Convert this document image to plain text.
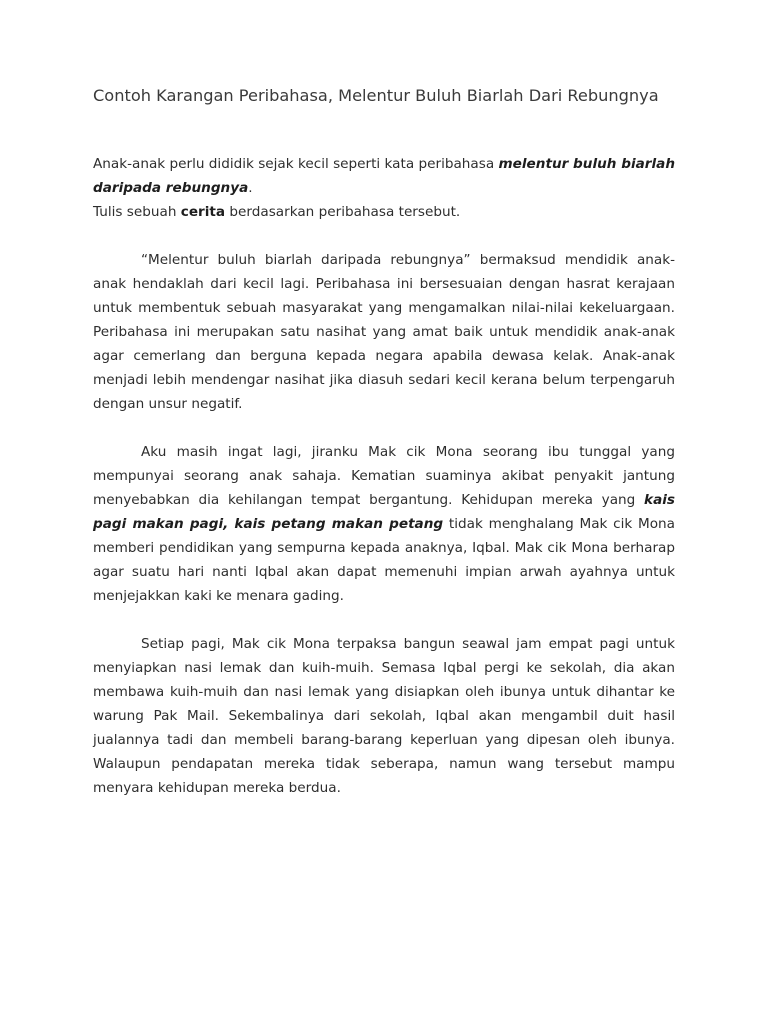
Contoh Karangan Peribahasa, Melentur Buluh Biarlah Dari Rebungnya

Anak-anak perlu dididik sejak kecil seperti kata peribahasa melentur buluh biarlah daripada rebungnya.

Tulis sebuah cerita berdasarkan peribahasa tersebut.

“Melentur buluh biarlah daripada rebungnya” bermaksud mendidik anak- anak hendaklah dari kecil lagi. Peribahasa ini bersesuaian dengan hasrat kerajaan untuk membentuk sebuah masyarakat yang mengamalkan nilai-nilai kekeluargaan. Peribahasa ini merupakan satu nasihat yang amat baik untuk mendidik anak-anak agar cemerlang dan berguna kepada negara apabila dewasa kelak. Anak-anak menjadi lebih mendengar nasihat jika diasuh sedari kecil kerana belum terpengaruh dengan unsur negatif.

Aku masih ingat lagi, jiranku Mak cik Mona seorang ibu tunggal yang mempunyai seorang anak sahaja. Kematian suaminya akibat penyakit jantung menyebabkan dia kehilangan tempat bergantung. Kehidupan mereka yang kais pagi makan pagi, kais petang makan petang tidak menghalang Mak cik Mona memberi pendidikan yang sempurna kepada anaknya, Iqbal. Mak cik Mona berharap agar suatu hari nanti Iqbal akan dapat memenuhi impian arwah ayahnya untuk menjejakkan kaki ke menara gading.

Setiap pagi, Mak cik Mona terpaksa bangun seawal jam empat pagi untuk menyiapkan nasi lemak dan kuih-muih. Semasa Iqbal pergi ke sekolah, dia akan membawa kuih-muih dan nasi lemak yang disiapkan oleh ibunya untuk dihantar ke warung Pak Mail. Sekembalinya dari sekolah, Iqbal akan mengambil duit hasil jualannya tadi dan membeli barang-barang keperluan yang dipesan oleh ibunya. Walaupun pendapatan mereka tidak seberapa, namun wang tersebut mampu menyara kehidupan mereka berdua.
